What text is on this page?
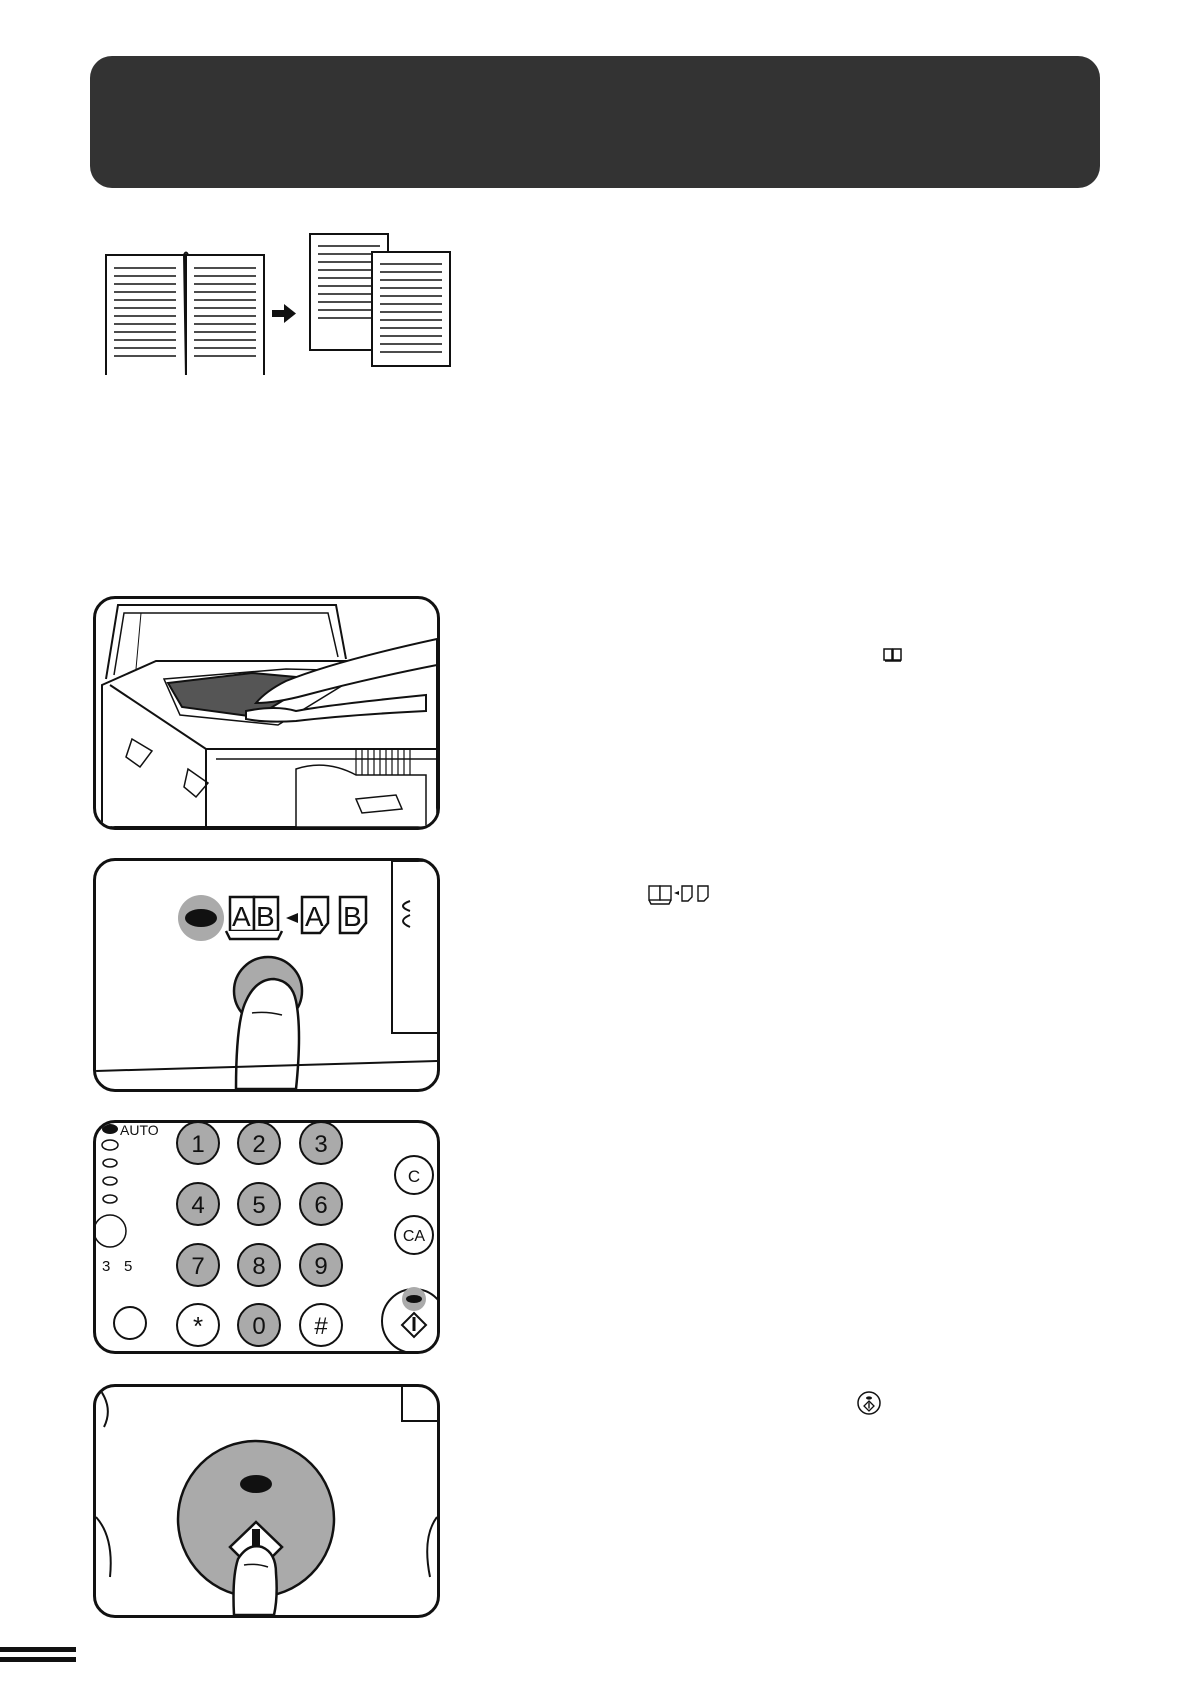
A B A B
AUTO
3 5
1 2 3
4 5 6
7 8 9
* 0 #
C
CA
